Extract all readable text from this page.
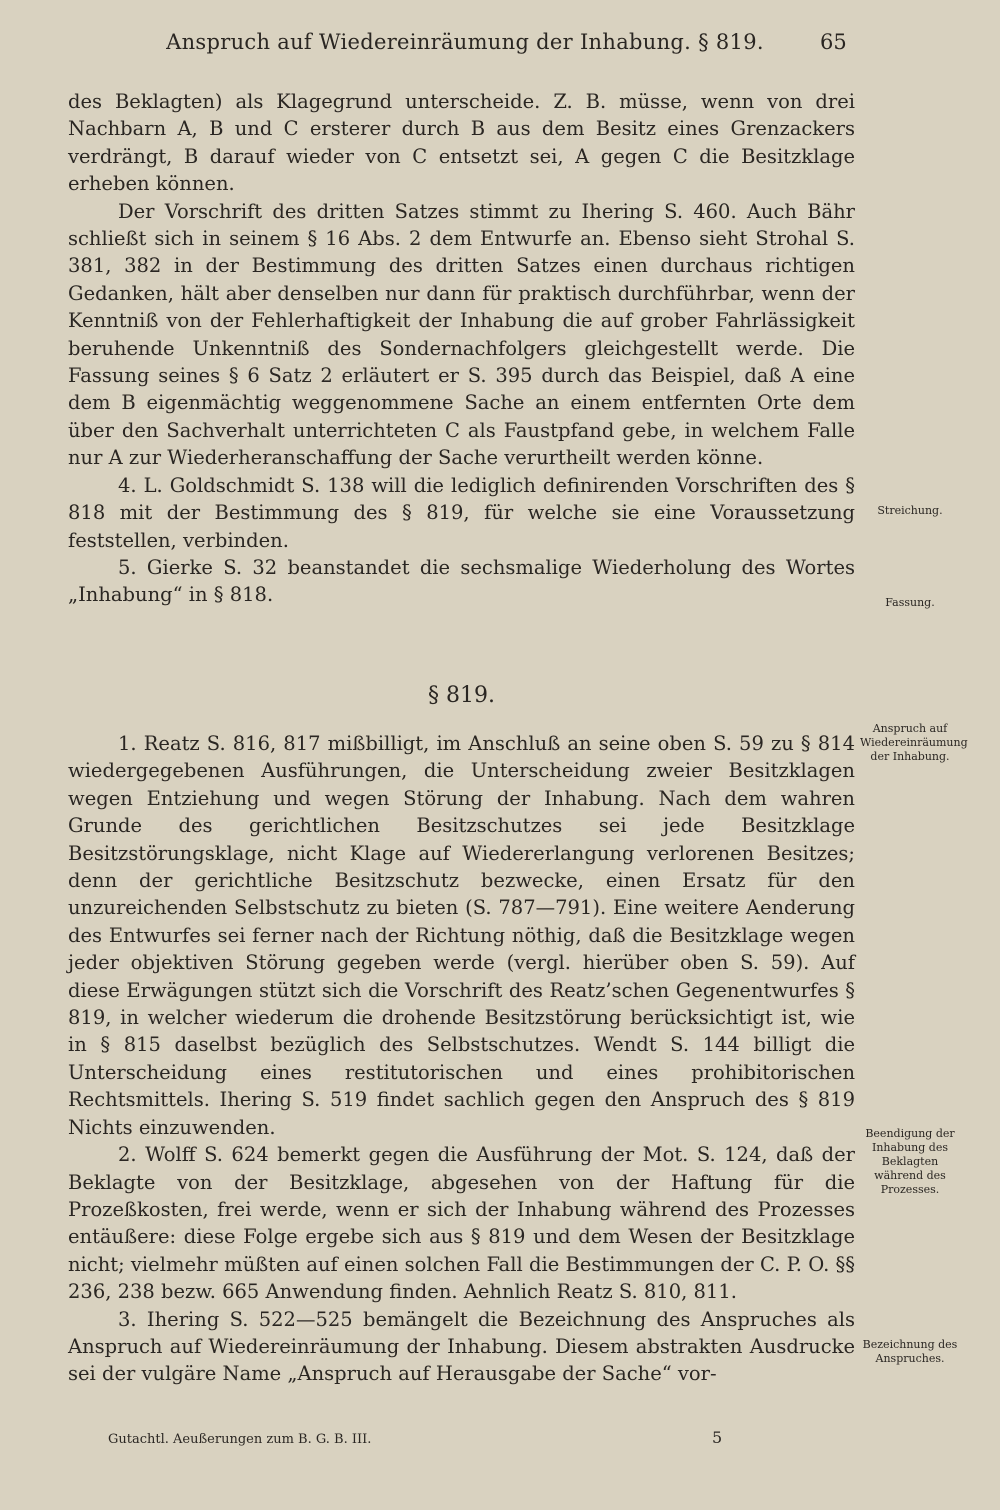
Anspruch auf Wiedereinräumung der Inhabung. § 819.	65

des Beklagten) als Klagegrund unterscheide. Z. B. müsse, wenn von drei Nachbarn A, B und C ersterer durch B aus dem Besitz eines Grenzackers verdrängt, B darauf wieder von C entsetzt sei, A gegen C die Besitzklage erheben können.

Der Vorschrift des dritten Satzes stimmt zu Ihering S. 460. Auch Bähr schließt sich in seinem § 16 Abs. 2 dem Entwurfe an. Ebenso sieht Strohal S. 381, 382 in der Bestimmung des dritten Satzes einen durchaus richtigen Gedanken, hält aber denselben nur dann für praktisch durchführbar, wenn der Kenntniß von der Fehlerhaftigkeit der Inhabung die auf grober Fahrlässigkeit beruhende Unkenntniß des Sondernachfolgers gleichgestellt werde. Die Fassung seines § 6 Satz 2 erläutert er S. 395 durch das Beispiel, daß A eine dem B eigenmächtig weggenommene Sache an einem entfernten Orte dem über den Sachverhalt unterrichteten C als Faustpfand gebe, in welchem Falle nur A zur Wiederheranschaffung der Sache verurtheilt werden könne.

4. L. Goldschmidt S. 138 will die lediglich definirenden Vorschriften des § 818 mit der Bestimmung des § 819, für welche sie eine Voraussetzung feststellen, verbinden.

5. Gierke S. 32 beanstandet die sechsmalige Wiederholung des Wortes „Inhabung“ in § 818.

§ 819.

1. Reatz S. 816, 817 mißbilligt, im Anschluß an seine oben S. 59 zu § 814 wiedergegebenen Ausführungen, die Unterscheidung zweier Besitzklagen wegen Entziehung und wegen Störung der Inhabung. Nach dem wahren Grunde des gerichtlichen Besitzschutzes sei jede Besitzklage Besitzstörungsklage, nicht Klage auf Wiedererlangung verlorenen Besitzes; denn der gerichtliche Besitzschutz bezwecke, einen Ersatz für den unzureichenden Selbstschutz zu bieten (S. 787—791). Eine weitere Aenderung des Entwurfes sei ferner nach der Richtung nöthig, daß die Besitzklage wegen jeder objektiven Störung gegeben werde (vergl. hierüber oben S. 59). Auf diese Erwägungen stützt sich die Vorschrift des Reatz’schen Gegenentwurfes § 819, in welcher wiederum die drohende Besitzstörung berücksichtigt ist, wie in § 815 daselbst bezüglich des Selbstschutzes. Wendt S. 144 billigt die Unterscheidung eines restitutorischen und eines prohibitorischen Rechtsmittels. Ihering S. 519 findet sachlich gegen den Anspruch des § 819 Nichts einzuwenden.

2. Wolff S. 624 bemerkt gegen die Ausführung der Mot. S. 124, daß der Beklagte von der Besitzklage, abgesehen von der Haftung für die Prozeßkosten, frei werde, wenn er sich der Inhabung während des Prozesses entäußere: diese Folge ergebe sich aus § 819 und dem Wesen der Besitzklage nicht; vielmehr müßten auf einen solchen Fall die Bestimmungen der C. P. O. §§ 236, 238 bezw. 665 Anwendung finden. Aehnlich Reatz S. 810, 811.

3. Ihering S. 522—525 bemängelt die Bezeichnung des Anspruches als Anspruch auf Wiedereinräumung der Inhabung. Diesem abstrakten Ausdrucke sei der vulgäre Name „Anspruch auf Herausgabe der Sache“ vor-

Streichung.
Fassung.
Anspruch auf Wiedereinräumung der Inhabung.
Beendigung der Inhabung des Beklagten während des Prozesses.
Bezeichnung des Anspruches.
Gutachtl. Aeußerungen zum B. G. B. III.	5
